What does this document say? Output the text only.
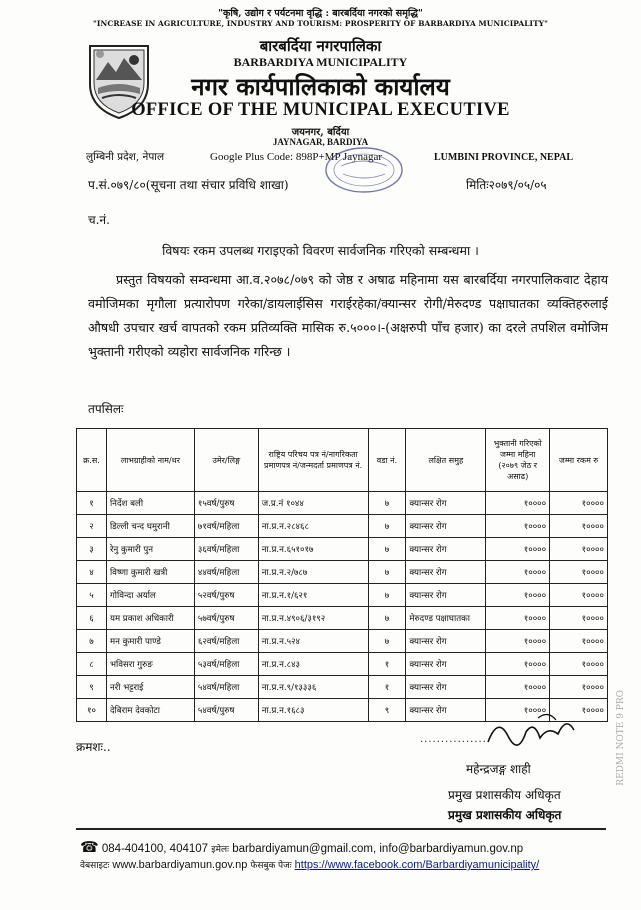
"कृषि, उद्योग र पर्यटनमा वृद्धि : बारबर्दिया नगरको समृद्धि"
"INCREASE IN AGRICULTURE, INDUSTRY AND TOURISM: PROSPERITY OF BARBARDIYA MUNICIPALITY"
बारबर्दिया नगरपालिका
BARBARDIYA MUNICIPALITY
नगर कार्यपालिकाको कार्यालय
OFFICE OF THE MUNICIPAL EXECUTIVE
जयनगर, बर्दिया
JAYNAGAR, BARDIYA
लुम्बिनी प्रदेश, नेपाल	Google Plus Code: 898P+MP Jaynagar	LUMBINI PROVINCE, NEPAL
प.सं.०७९/८०(सूचना तथा संचार प्रविधि शाखा)	मितिः२०७९/०५/०५
च.नं.
विषयः रकम उपलब्ध गराइएको विवरण सार्वजनिक गरिएको सम्बन्धमा ।

प्रस्तुत विषयको सम्वन्धमा आ.व.२०७८/०७९ को जेष्ठ र अषाढ महिनामा यस बारबर्दिया नगरपालिकवाट देहाय वमोजिमका मृगौला प्रत्यारोपण गरेका/डायलाईसिस गराईरहेका/क्यान्सर रोगी/मेरुदण्ड पक्षाघातका व्यक्तिहरुलाई औषधी उपचार खर्च वापतको रकम प्रतिव्यक्ति मासिक रु.५०००।-(अक्षरुपी पाँच हजार) का दरले तपशिल वमोजिम भुक्तानी गरीएको व्यहोरा सार्वजनिक गरिन्छ ।

तपसिलः
क्र.स.	लाभग्राहीको नाम/थर	उमेर/लिङ्ग	राष्ट्रिय परिचय पत्र नं/नागरिकता प्रमाणपत्र नं/जन्मदर्ता प्रमाणपत्र नं.	वडा नं.	लक्षित समुह	भुक्तानी गरिएको जम्मा महिना (२०७९ जेठ र असाढ)	जम्मा रकम रु
१	निर्देश बली	१५वर्ष/पुरुष	ज.प्र.नं १०४४	७	क्यान्सर रोग	१००००	१००००
२	डिल्ली चन्द घमुरानी	७१वर्ष/महिला	ना.प्र.न.२८४६८	७	क्यान्सर रोग	१००००	१००००
३	रेनु कुमारी पुन	३६वर्ष/महिला	ना.प्र.न.६५१०१७	७	क्यान्सर रोग	१००००	१००००
४	विष्णा कुमारी खत्री	४४वर्ष/महिला	ना.प्र.न.२/७८७	७	क्यान्सर रोग	१००००	१००००
५	गोविन्दा अर्याल	५२वर्ष/पुरुष	ना.प्र.न.१/६२१	७	क्यान्सर रोग	१००००	१००००
६	यम प्रकाश अधिकारी	५७वर्ष/पुरुष	ना.प्र.न.४९०६/३१९२	७	मेरुदण्ड पक्षाघातका	१००००	१००००
७	मन कुमारी पाण्डे	६२वर्ष/महिला	ना.प्र.न.५२४	७	क्यान्सर रोग	१००००	१००००
८	भविसरा गुरुङ	५३वर्ष/महिला	ना.प्र.न.८४३	१	क्यान्सर रोग	१००००	१००००
९	नरी भट्टराई	५४वर्ष/महिला	ना.प्र.न.९/१३३३६	१	क्यान्सर रोग	१००००	१००००
१०	देबिराम देवकोटा	५४वर्ष/पुरुष	ना.प्र.न.१६८३	९	क्यान्सर रोग	१००००	१००००
क्रमशः..
.................
महेन्द्रजङ्ग शाही
प्रमुख प्रशासकीय अधिकृत
प्रमुख प्रशासकीय अधिकृत
☎ 084-404100, 404107 इमेलः barbardiyamun@gmail.com, info@barbardiyamun.gov.np
वेबसाइटः www.barbardiyamun.gov.np फेसबुक पेजः https://www.facebook.com/Barbardiyamunicipality/
REDMI NOTE 9 PRO
